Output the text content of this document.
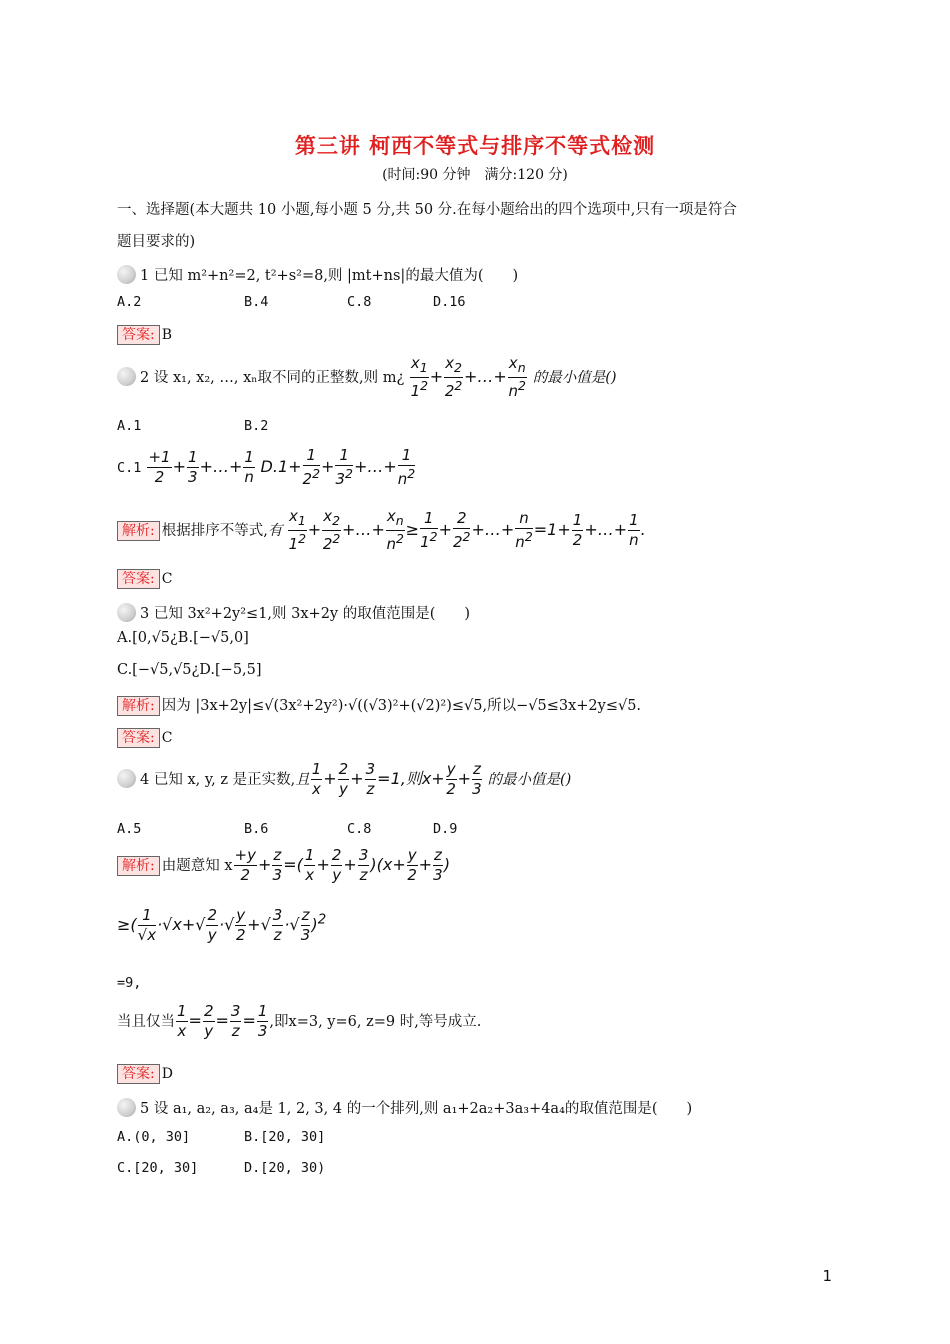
第三讲 柯西不等式与排序不等式检测
(时间:90 分钟　满分:120 分)
一、选择题(本大题共 10 小题,每小题 5 分,共 50 分.在每小题给出的四个选项中,只有一项是符合
题目要求的)
1 已知 m²+n²=2, t²+s²=8,则 |mt+ns|的最大值为(　　)
A.2	B.4	C.8	D.16
答案: B
2 设 x₁, x₂, …, xₙ取不同的正整数,则 m¿ $\frac{x_1}{1^2} + \frac{x_2}{2^2}$ +…+ $\frac{x_n}{n^2}$ 的最小值是()
A.1	B.2
$C.1 \frac{+1}{2} + \frac{1}{3}$ +…+ $\frac{1}{n} D.1+ \frac{1}{2^2} + \frac{1}{3^2}$ +…+ $\frac{1}{n^2}$
解析: 根据排序不等式,有 $\frac{x_1}{1^2} + \frac{x_2}{2^2}$ +…+ $\frac{x_n}{n^2} \ge \frac{1}{1^2} + \frac{2}{2^2}$ +…+ $\frac{n}{n^2} =1+ \frac{1}{2}$ +…+ $\frac{1}{n}$ .
答案: C
3 已知 3x²+2y²≤1,则 3x+2y 的取值范围是(　　)
A.[0,√5¿B.[−√5,0]
C.[−√5,√5¿D.[−5,5]
解析: 因为 |3x+2y|≤√(3x²+2y²)·√((√3)²+(√2)²)≤√5,所以−√5≤3x+2y≤√5.
答案: C
4 已知 x, y, z 是正实数,且 $\frac{1}{x} + \frac{2}{y} + \frac{3}{z} =1$,则$x+ \frac{y}{2} + \frac{z}{3}$ 的最小值是()
A.5	B.6	C.8	D.9
解析: 由题意知 x $\frac{+y}{2} + \frac{z}{3}$ =( $\frac{1}{x} + \frac{2}{y} + \frac{3}{z} )(x+ \frac{y}{2} + \frac{z}{3}$ )
≥( $\frac{1}{√x} \cdot√x+√ \frac{2}{y}$ ·√ $\frac{y}{2}$ +√ $\frac{3}{z}$ ·√ $\frac{z}{3} )^2$
=9,
当且仅当 $\frac{1}{x} = \frac{2}{y} = \frac{3}{z} = \frac{1}{3}$ ,即x=3, y=6, z=9 时,等号成立.
答案: D
5 设 a₁, a₂, a₃, a₄是 1, 2, 3, 4 的一个排列,则 a₁+2a₂+3a₃+4a₄的取值范围是(　　)
A.(0, 30]	B.[20, 30]
C.[20, 30]	D.[20, 30)
1
